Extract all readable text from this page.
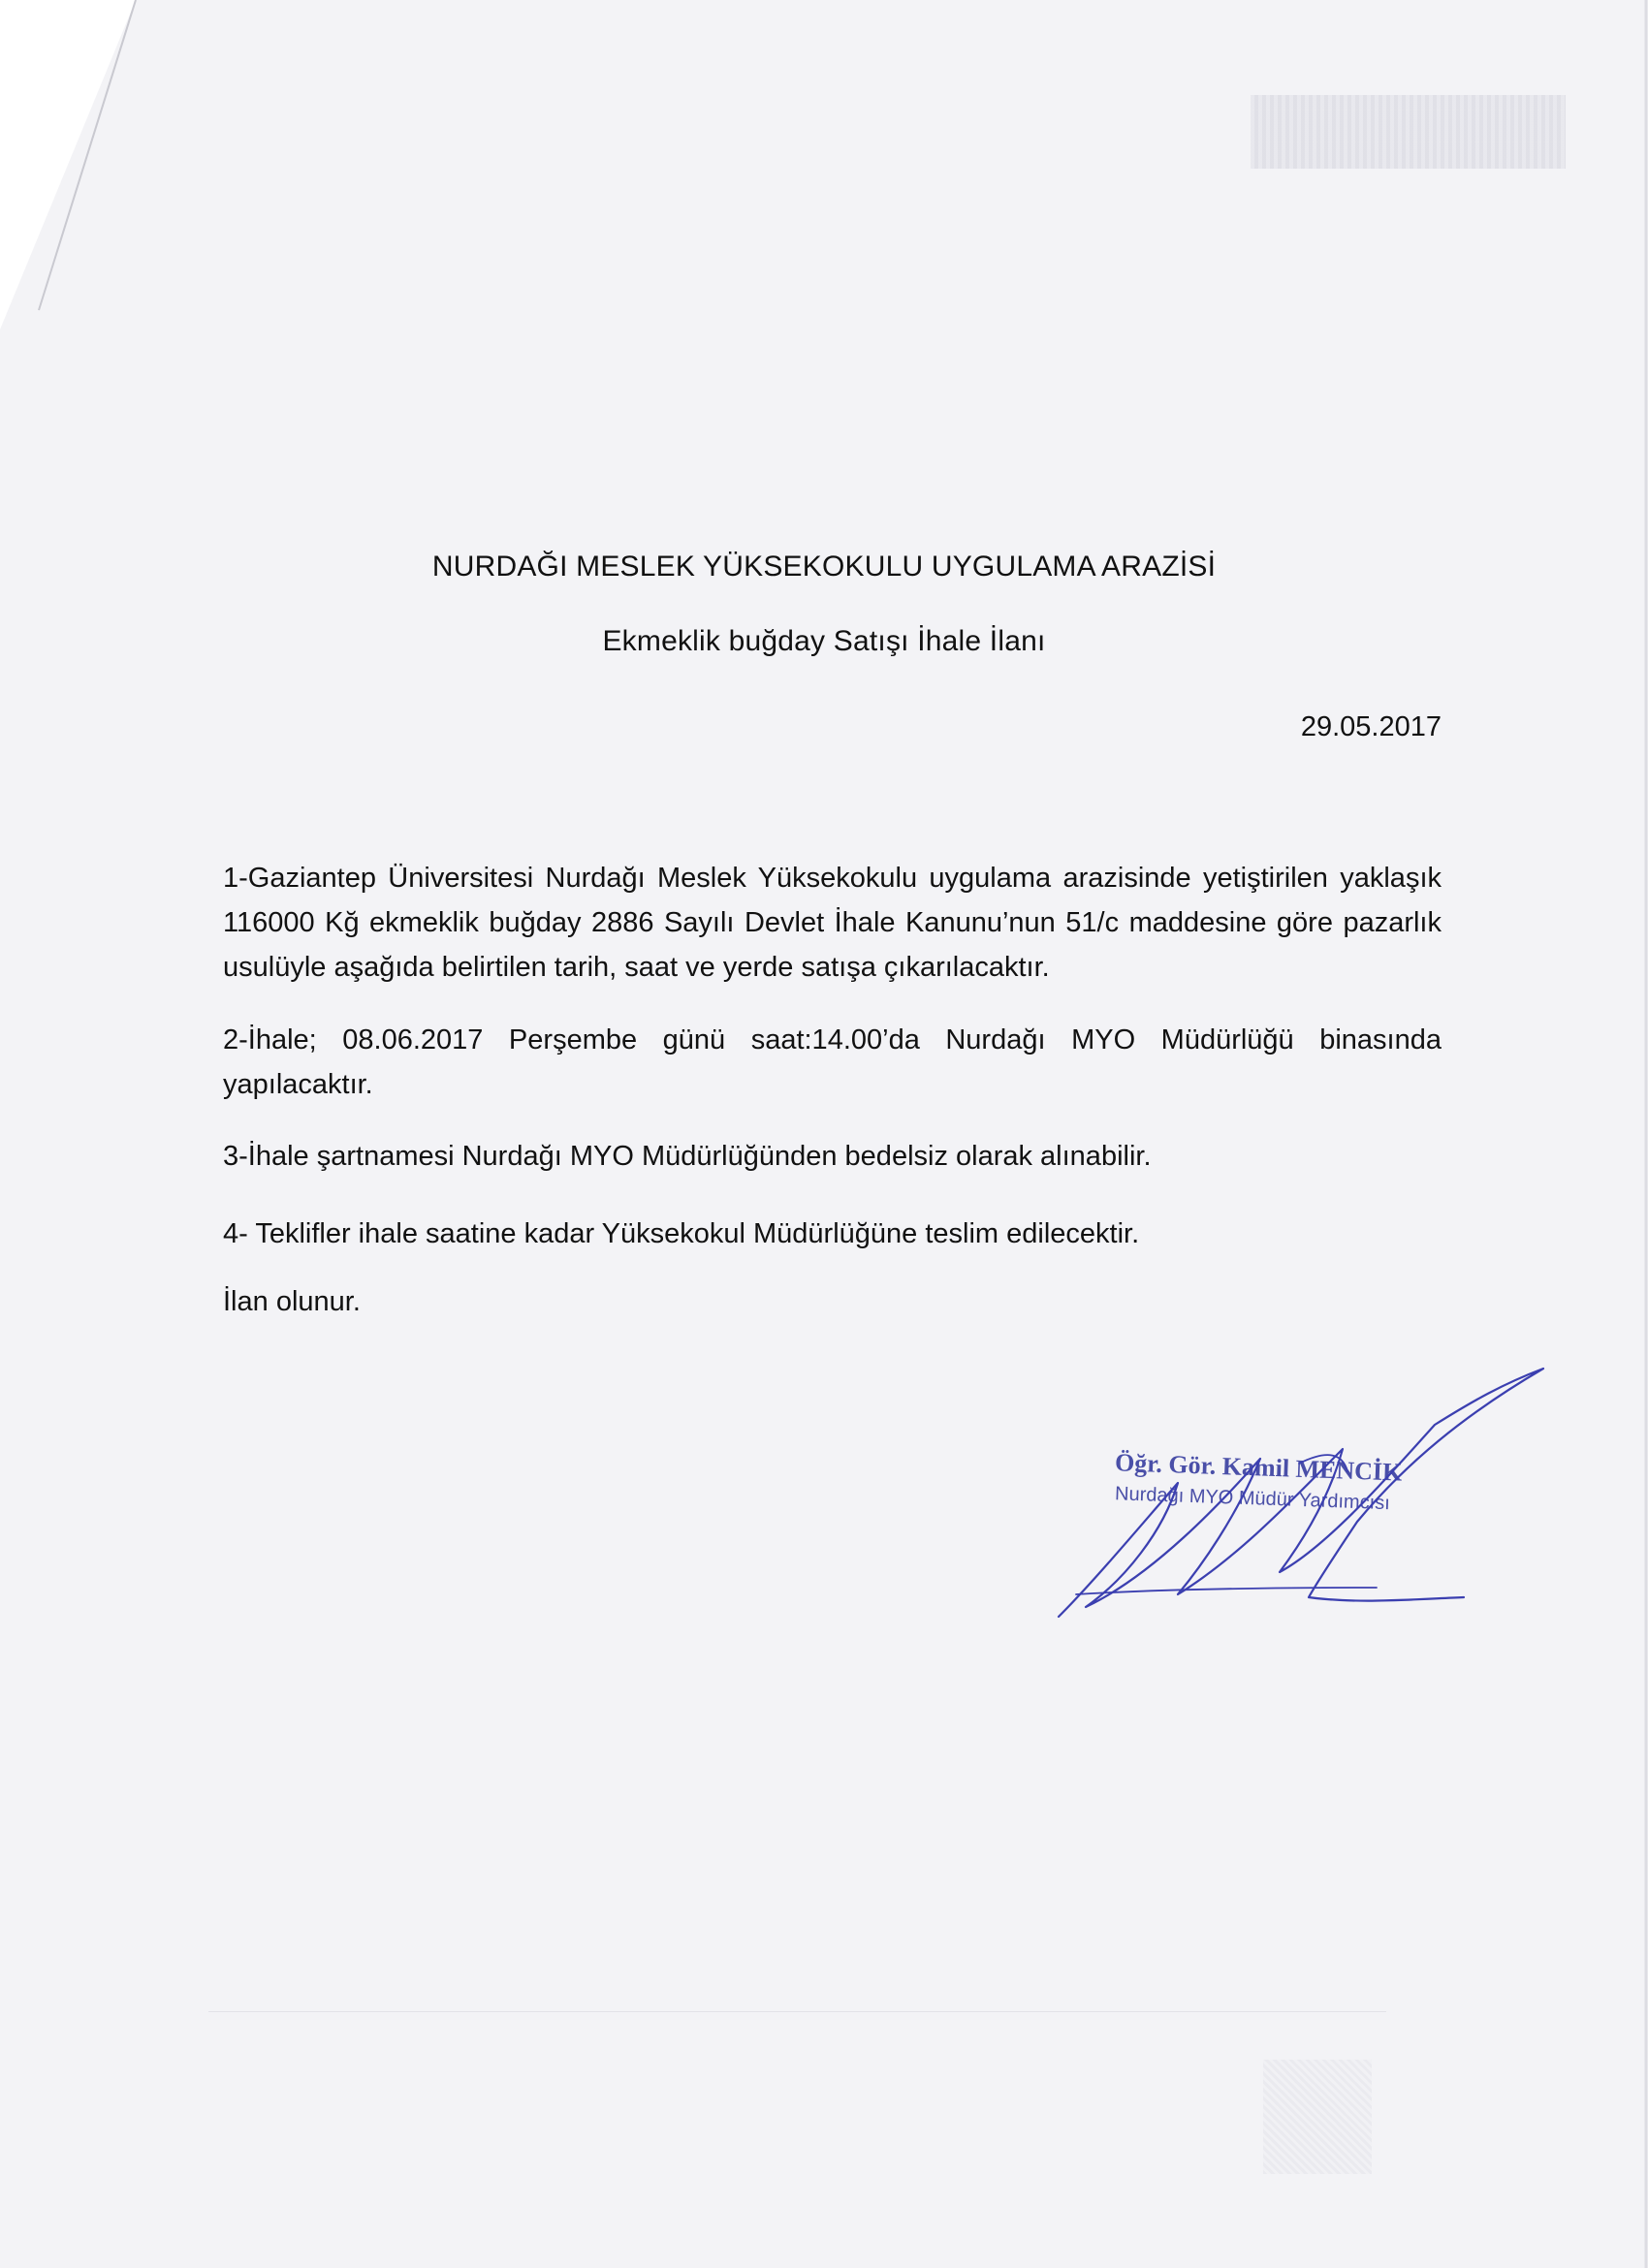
NURDAĞI MESLEK YÜKSEKOKULU UYGULAMA ARAZİSİ
Ekmeklik buğday Satışı İhale İlanı
29.05.2017
1-Gaziantep Üniversitesi Nurdağı Meslek Yüksekokulu uygulama arazisinde yetiştirilen yaklaşık 116000 Kğ ekmeklik buğday 2886 Sayılı Devlet İhale Kanunu’nun 51/c maddesine göre pazarlık usulüyle aşağıda belirtilen tarih, saat ve yerde satışa çıkarılacaktır.
2-İhale; 08.06.2017 Perşembe günü saat:14.00’da Nurdağı MYO Müdürlüğü binasında yapılacaktır.
3-İhale şartnamesi Nurdağı MYO Müdürlüğünden bedelsiz olarak alınabilir.
4- Teklifler ihale saatine kadar Yüksekokul Müdürlüğüne teslim edilecektir.
İlan olunur.
Öğr. Gör. Kamil MENCİK
Nurdağı MYO Müdür Yardımcısı
